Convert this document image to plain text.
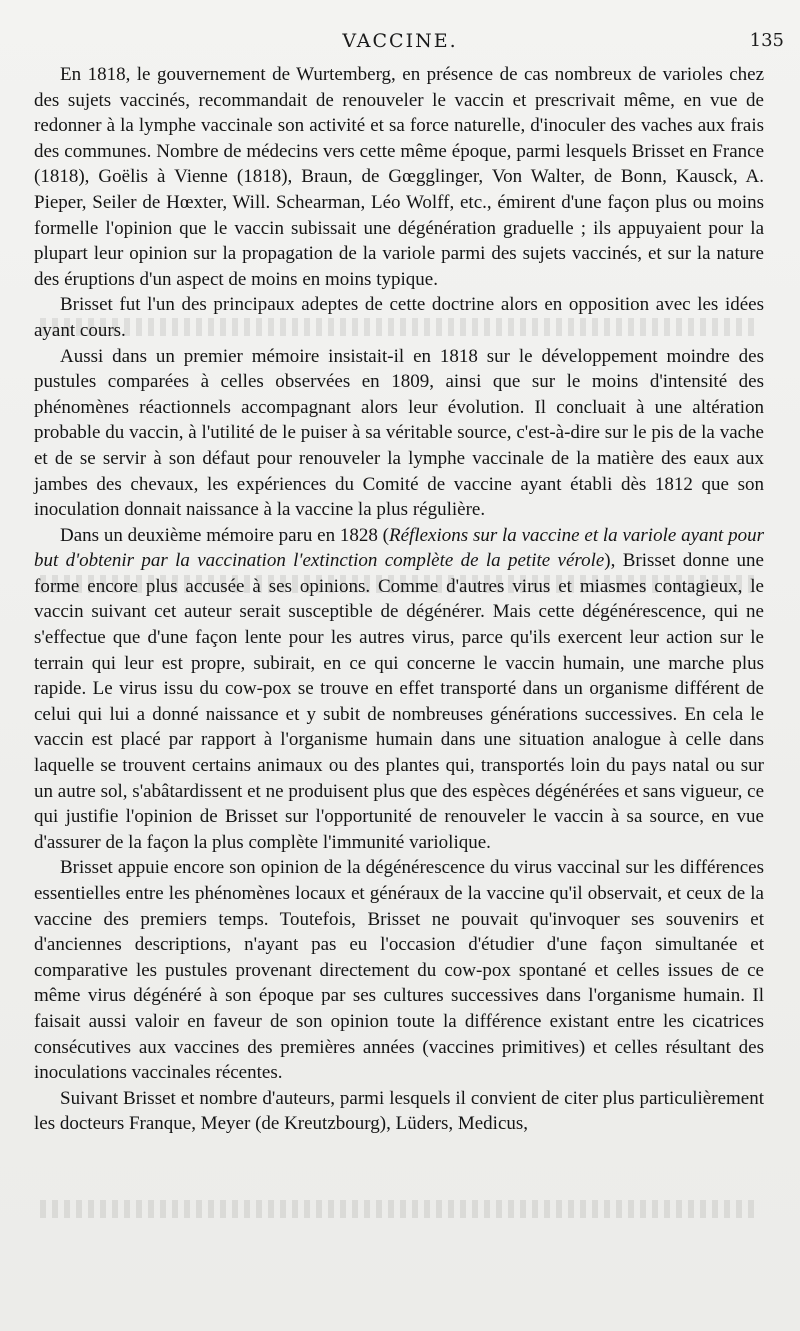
VACCINE.	135

En 1818, le gouvernement de Wurtemberg, en présence de cas nombreux de varioles chez des sujets vaccinés, recommandait de renouveler le vaccin et prescrivait même, en vue de redonner à la lymphe vaccinale son activité et sa force naturelle, d'inoculer des vaches aux frais des communes. Nombre de médecins vers cette même époque, parmi lesquels Brisset en France (1818), Goëlis à Vienne (1818), Braun, de Gœgglinger, Von Walter, de Bonn, Kausck, A. Pieper, Seiler de Hœxter, Will. Schearman, Léo Wolff, etc., émirent d'une façon plus ou moins formelle l'opinion que le vaccin subissait une dégénération graduelle ; ils appuyaient pour la plupart leur opinion sur la propagation de la variole parmi des sujets vaccinés, et sur la nature des éruptions d'un aspect de moins en moins typique.

Brisset fut l'un des principaux adeptes de cette doctrine alors en opposition avec les idées ayant cours.

Aussi dans un premier mémoire insistait-il en 1818 sur le développement moindre des pustules comparées à celles observées en 1809, ainsi que sur le moins d'intensité des phénomènes réactionnels accompagnant alors leur évolution. Il concluait à une altération probable du vaccin, à l'utilité de le puiser à sa véritable source, c'est-à-dire sur le pis de la vache et de se servir à son défaut pour renouveler la lymphe vaccinale de la matière des eaux aux jambes des chevaux, les expériences du Comité de vaccine ayant établi dès 1812 que son inoculation donnait naissance à la vaccine la plus régulière.

Dans un deuxième mémoire paru en 1828 (Réflexions sur la vaccine et la variole ayant pour but d'obtenir par la vaccination l'extinction complète de la petite vérole), Brisset donne une forme encore plus accusée à ses opinions. Comme d'autres virus et miasmes contagieux, le vaccin suivant cet auteur serait susceptible de dégénérer. Mais cette dégénérescence, qui ne s'effectue que d'une façon lente pour les autres virus, parce qu'ils exercent leur action sur le terrain qui leur est propre, subirait, en ce qui concerne le vaccin humain, une marche plus rapide. Le virus issu du cow-pox se trouve en effet transporté dans un organisme différent de celui qui lui a donné naissance et y subit de nombreuses générations successives. En cela le vaccin est placé par rapport à l'organisme humain dans une situation analogue à celle dans laquelle se trouvent certains animaux ou des plantes qui, transportés loin du pays natal ou sur un autre sol, s'abâtardissent et ne produisent plus que des espèces dégénérées et sans vigueur, ce qui justifie l'opinion de Brisset sur l'opportunité de renouveler le vaccin à sa source, en vue d'assurer de la façon la plus complète l'immunité variolique.

Brisset appuie encore son opinion de la dégénérescence du virus vaccinal sur les différences essentielles entre les phénomènes locaux et généraux de la vaccine qu'il observait, et ceux de la vaccine des premiers temps. Toutefois, Brisset ne pouvait qu'invoquer ses souvenirs et d'anciennes descriptions, n'ayant pas eu l'occasion d'étudier d'une façon simultanée et comparative les pustules provenant directement du cow-pox spontané et celles issues de ce même virus dégénéré à son époque par ses cultures successives dans l'organisme humain. Il faisait aussi valoir en faveur de son opinion toute la différence existant entre les cicatrices consécutives aux vaccines des premières années (vaccines primitives) et celles résultant des inoculations vaccinales récentes.

Suivant Brisset et nombre d'auteurs, parmi lesquels il convient de citer plus particulièrement les docteurs Franque, Meyer (de Kreutzbourg), Lüders, Medicus,
